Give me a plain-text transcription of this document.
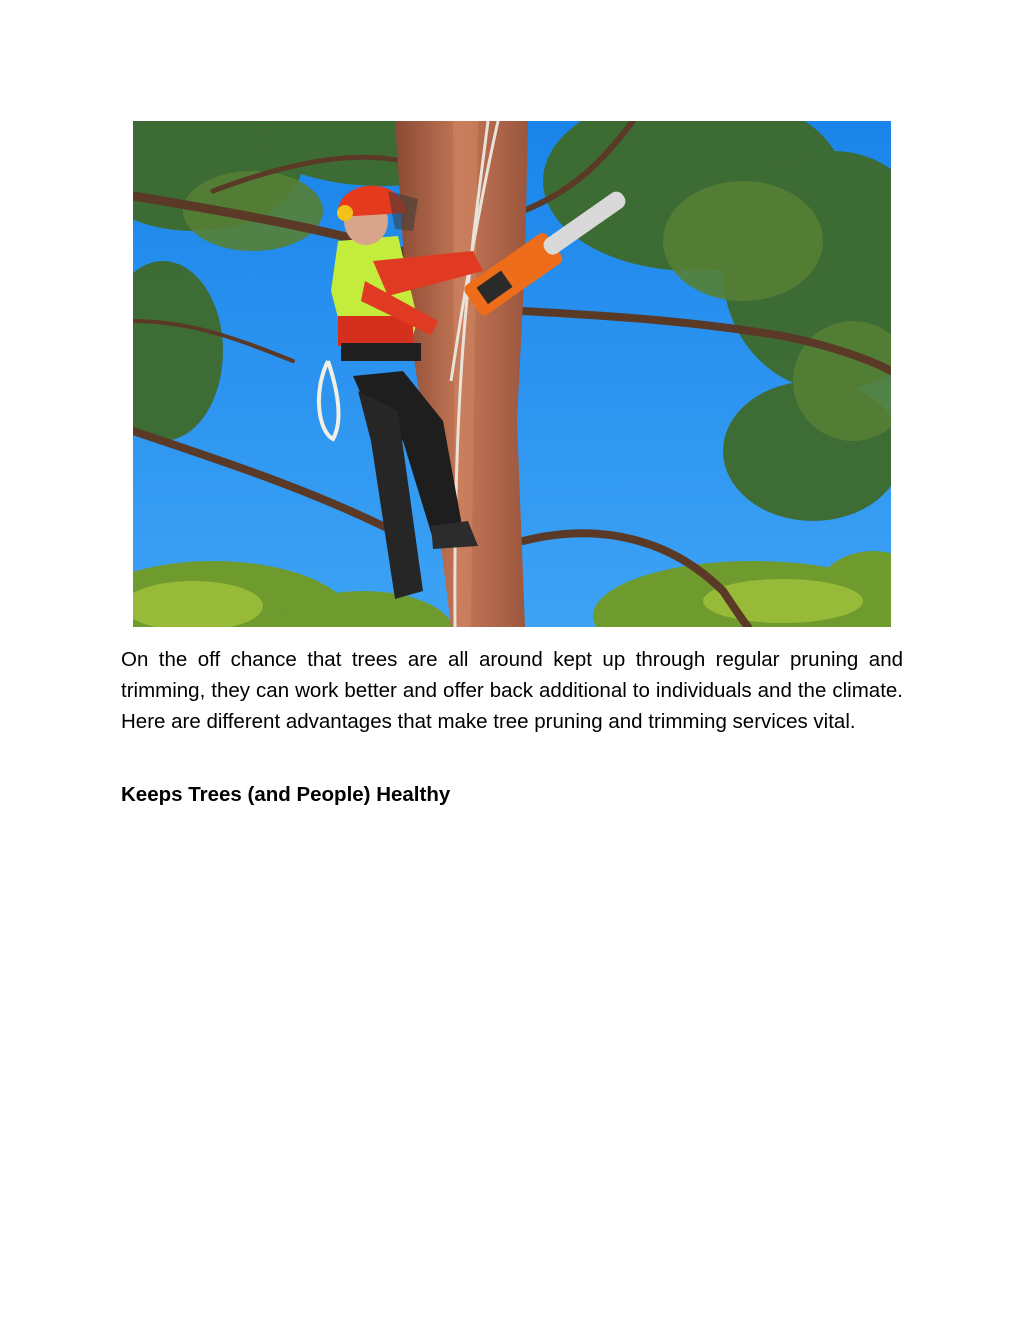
On the off chance that trees are all around kept up through regular pruning and trimming, they can work better and offer back additional to individuals and the climate. Here are different advantages that make tree pruning and trimming services vital.

Keeps Trees (and People) Healthy
